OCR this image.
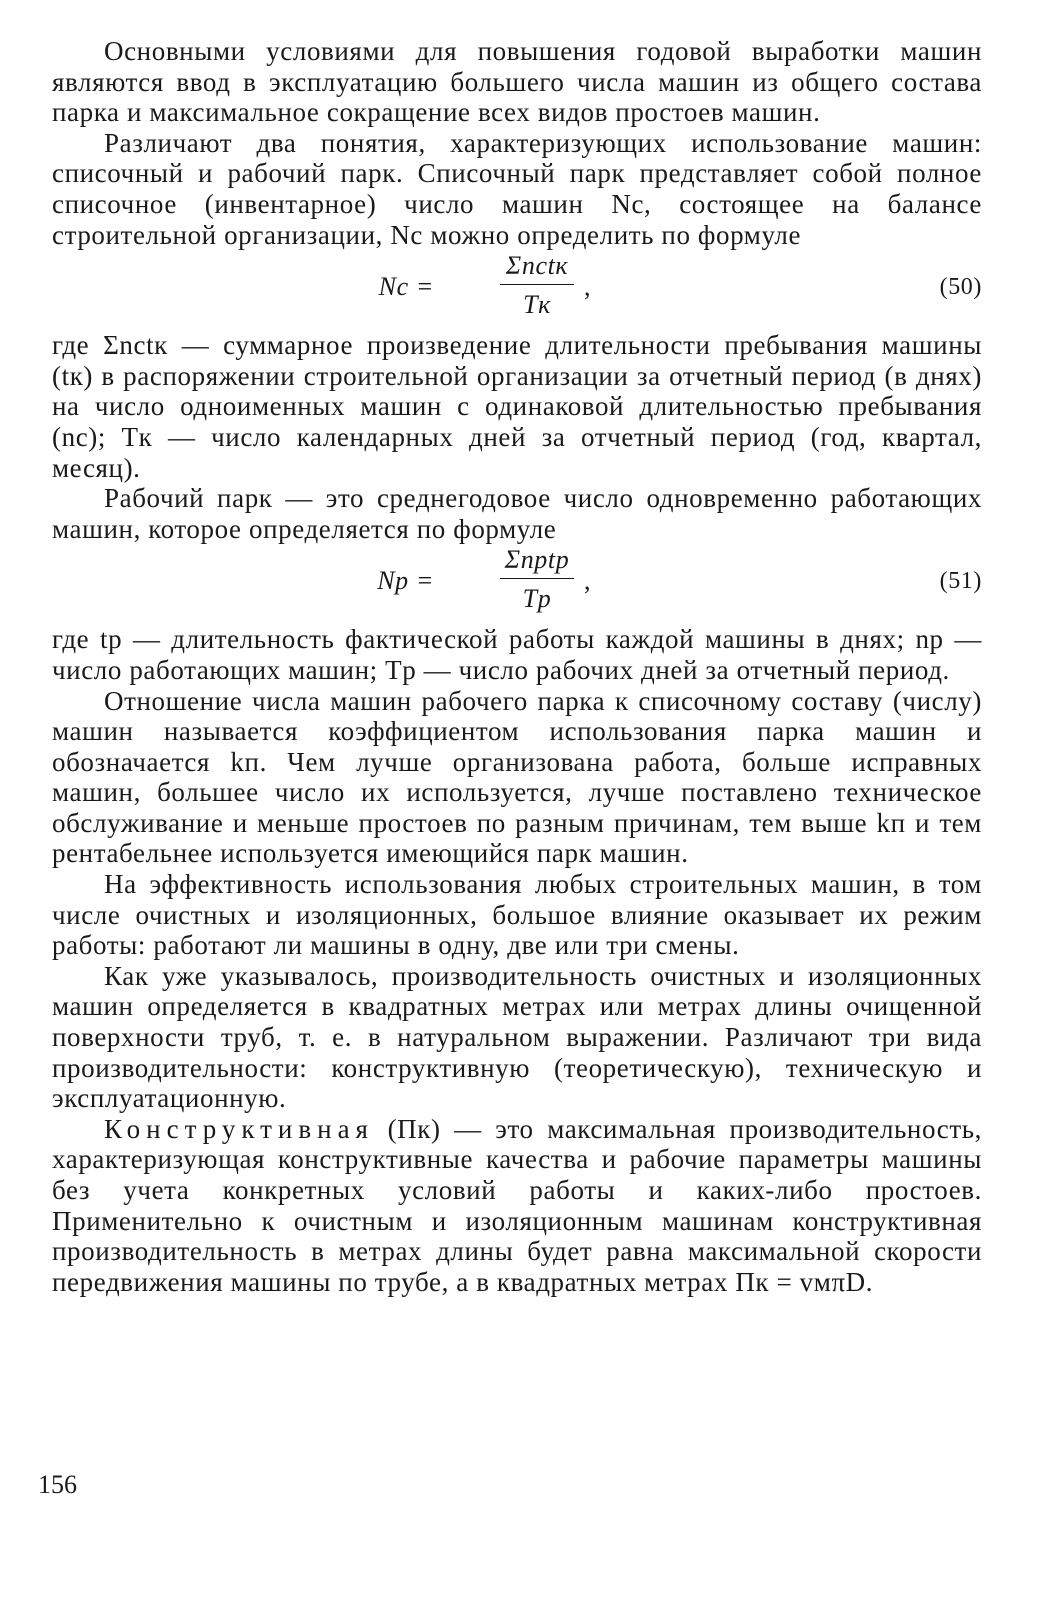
Основными условиями для повышения годовой выработки машин являются ввод в эксплуатацию большего числа машин из общего состава парка и максимальное сокращение всех видов простоев машин.

Различают два понятия, характеризующих использование машин: списочный и рабочий парк. Списочный парк представляет собой полное списочное (инвентарное) число машин Nс, состоящее на балансе строительной организации, Nс можно определить по формуле

Nс =
Σnсtк
Tк
,	(50)

где Σnсtк — суммарное произведение длительности пребывания машины (tк) в распоряжении строительной организации за отчетный период (в днях) на число одноименных машин с одинаковой длительностью пребывания (nс); Tк — число календарных дней за отчетный период (год, квартал, месяц).

Рабочий парк — это среднегодовое число одновременно работающих машин, которое определяется по формуле

Nр =
Σnрtр
Tр
,	(51)

где tр — длительность фактической работы каждой машины в днях; nр — число работающих машин; Tр — число рабочих дней за отчетный период.

Отношение числа машин рабочего парка к списочному составу (числу) машин называется коэффициентом использования парка машин и обозначается kп. Чем лучше организована работа, больше исправных машин, большее число их используется, лучше поставлено техническое обслуживание и меньше простоев по разным причинам, тем выше kп и тем рентабельнее используется имеющийся парк машин.

На эффективность использования любых строительных машин, в том числе очистных и изоляционных, большое влияние оказывает их режим работы: работают ли машины в одну, две или три смены.

Как уже указывалось, производительность очистных и изоляционных машин определяется в квадратных метрах или метрах длины очищенной поверхности труб, т. е. в натуральном выражении. Различают три вида производительности: конструктивную (теоретическую), техническую и эксплуатационную.

Конструктивная (Пк) — это максимальная производительность, характеризующая конструктивные качества и рабочие параметры машины без учета конкретных условий работы и каких-либо простоев. Применительно к очистным и изоляционным машинам конструктивная производительность в метрах длины будет равна максимальной скорости передвижения машины по трубе, а в квадратных метрах Пк = vмπD.

156
